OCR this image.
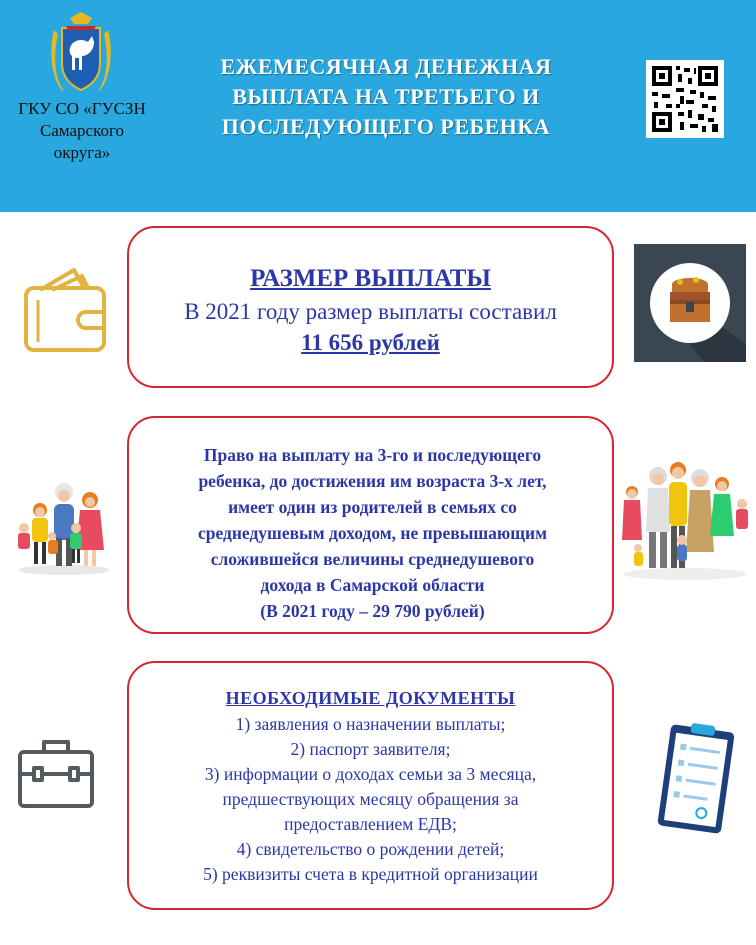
ГКУ СО «ГУСЗН
Самарского
округа»
ЕЖЕМЕСЯЧНАЯ ДЕНЕЖНАЯ
ВЫПЛАТА НА ТРЕТЬЕГО И
ПОСЛЕДУЮЩЕГО РЕБЕНКА
РАЗМЕР ВЫПЛАТЫ
В 2021 году размер выплаты составил
11 656 рублей
Право на выплату на 3-го и последующего
ребенка, до достижения им возраста 3-х лет,
имеет один из родителей в семьях со
среднедушевым доходом, не превышающим
сложившейся величины среднедушевого
дохода в Самарской области
(В 2021 году – 29 790 рублей)
НЕОБХОДИМЫЕ ДОКУМЕНТЫ
1) заявления о назначении выплаты;
2) паспорт заявителя;
3) информации о доходах семьи за 3 месяца,
предшествующих месяцу обращения за
предоставлением ЕДВ;
4) свидетельство о рождении детей;
5) реквизиты счета в кредитной организации
